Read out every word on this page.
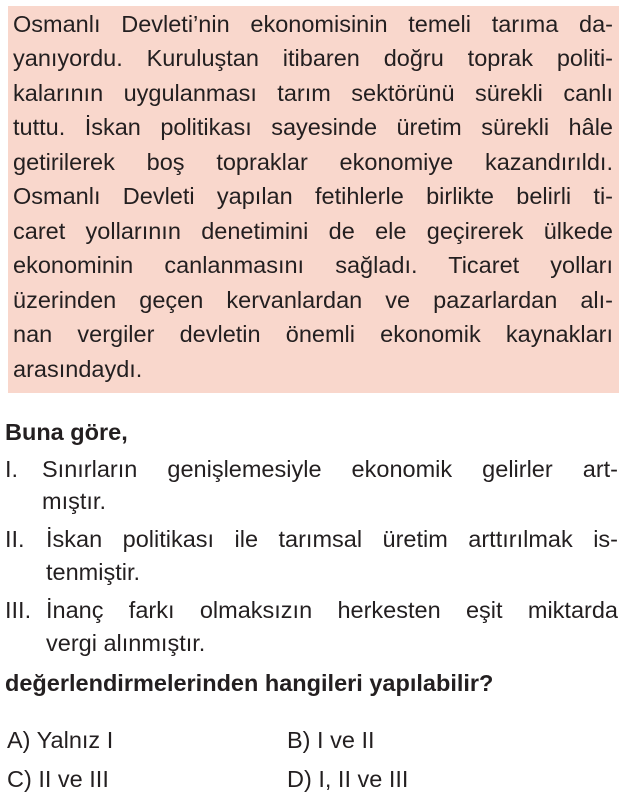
Osmanlı Devleti’nin ekonomisinin temeli tarıma da-
yanıyordu. Kuruluştan itibaren doğru toprak politi-
kalarının uygulanması tarım sektörünü sürekli canlı
tuttu. İskan politikası sayesinde üretim sürekli hâle
getirilerek boş topraklar ekonomiye kazandırıldı.
Osmanlı Devleti yapılan fetihlerle birlikte belirli ti-
caret yollarının denetimini de ele geçirerek ülkede
ekonominin canlanmasını sağladı. Ticaret yolları
üzerinden geçen kervanlardan ve pazarlardan alı-
nan vergiler devletin önemli ekonomik kaynakları
arasındaydı.
Buna göre,
I. Sınırların genişlemesiyle ekonomik gelirler art-
mıştır.
II. İskan politikası ile tarımsal üretim arttırılmak is-
tenmiştir.
III. İnanç farkı olmaksızın herkesten eşit miktarda
vergi alınmıştır.
değerlendirmelerinden hangileri yapılabilir?
A) Yalnız I	B) I ve II
C) II ve III	D) I, II ve III
